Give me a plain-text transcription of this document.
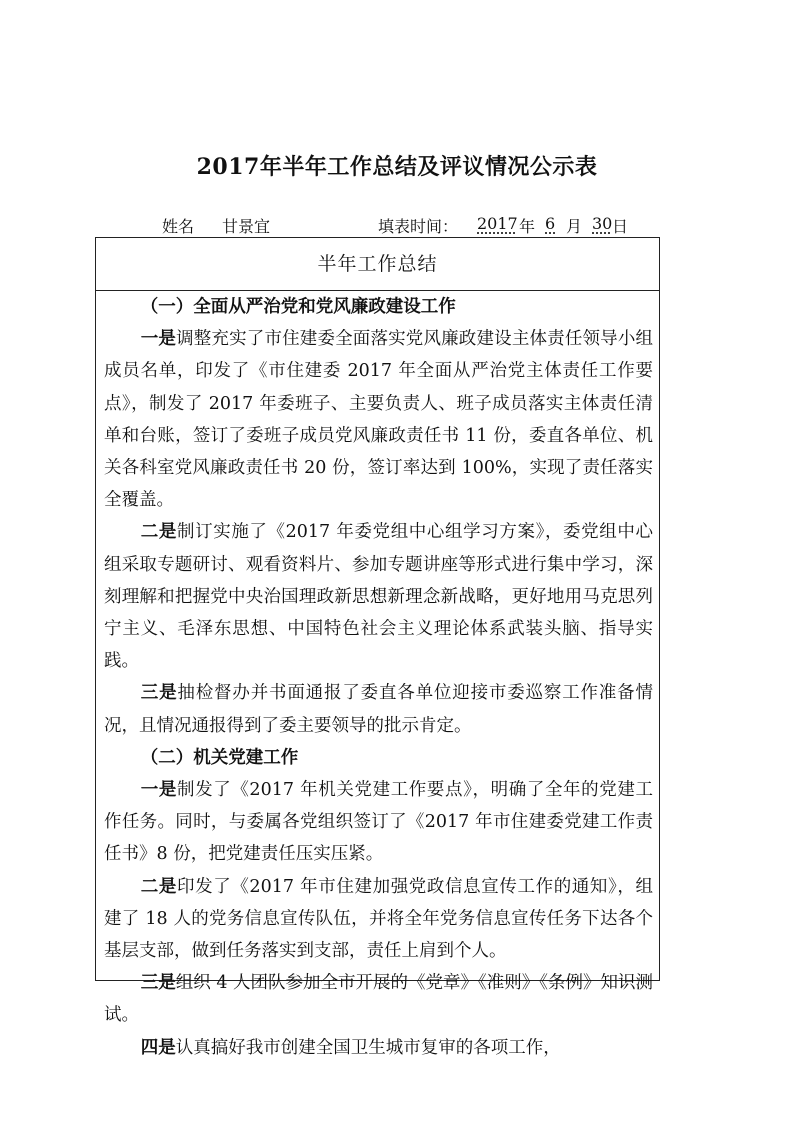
2017年半年工作总结及评议情况公示表
姓名 甘景宜	填表时间： 2017 年 6 月 30 日
半年工作总结

（一）全面从严治党和党风廉政建设工作

一是调整充实了市住建委全面落实党风廉政建设主体责任领导小组成员名单，印发了《市住建委 2017 年全面从严治党主体责任工作要点》，制发了 2017 年委班子、主要负责人、班子成员落实主体责任清单和台账，签订了委班子成员党风廉政责任书 11 份，委直各单位、机关各科室党风廉政责任书 20 份，签订率达到 100%，实现了责任落实全覆盖。

二是制订实施了《2017 年委党组中心组学习方案》，委党组中心组采取专题研讨、观看资料片、参加专题讲座等形式进行集中学习，深刻理解和把握党中央治国理政新思想新理念新战略，更好地用马克思列宁主义、毛泽东思想、中国特色社会主义理论体系武装头脑、指导实践。

三是抽检督办并书面通报了委直各单位迎接市委巡察工作准备情况，且情况通报得到了委主要领导的批示肯定。

（二）机关党建工作

一是制发了《2017 年机关党建工作要点》，明确了全年的党建工作任务。同时，与委属各党组织签订了《2017 年市住建委党建工作责任书》8 份，把党建责任压实压紧。

二是印发了《2017 年市住建加强党政信息宣传工作的通知》，组建了 18 人的党务信息宣传队伍，并将全年党务信息宣传任务下达各个基层支部，做到任务落实到支部，责任上肩到个人。

三是组织 4 人团队参加全市开展的《党章》《准则》《条例》知识测试。

四是认真搞好我市创建全国卫生城市复审的各项工作，
